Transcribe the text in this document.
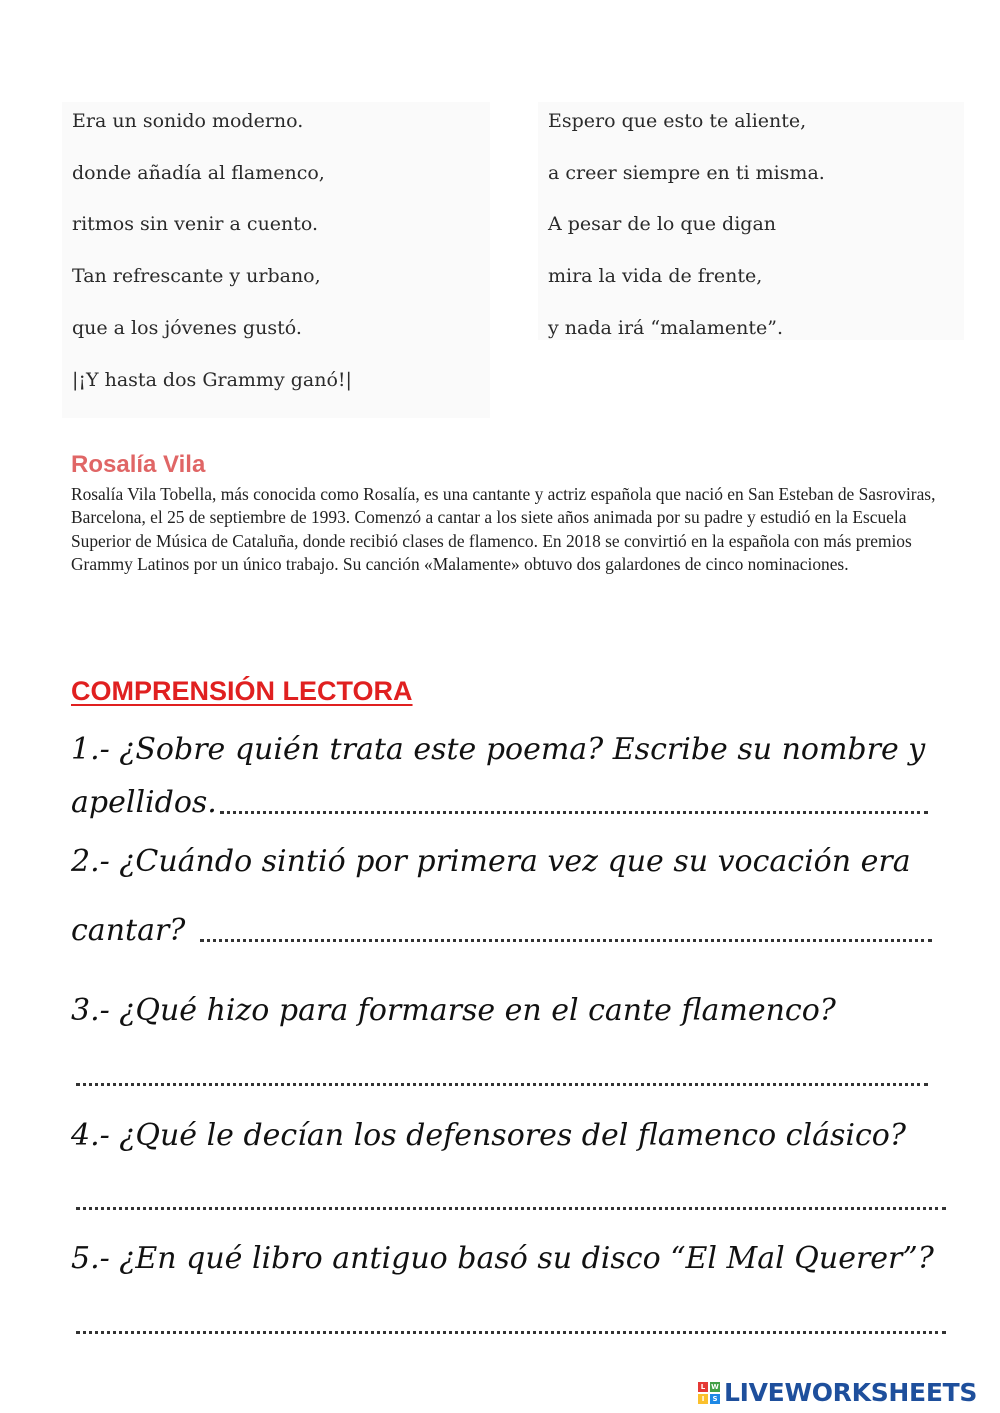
Era un sonido moderno.
donde añadía al flamenco,
ritmos sin venir a cuento.
Tan refrescante y urbano,
que a los jóvenes gustó.
|¡Y hasta dos Grammy ganó!|
Espero que esto te aliente,
a creer siempre en ti misma.
A pesar de lo que digan
mira la vida de frente,
y nada irá “malamente”.
Rosalía Vila
Rosalía Vila Tobella, más conocida como Rosalía, es una cantante y actriz española que nació en San Esteban de Sasroviras, Barcelona, el 25 de septiembre de 1993. Comenzó a cantar a los siete años animada por su padre y estudió en la Escuela Superior de Música de Cataluña, donde recibió clases de flamenco. En 2018 se convirtió en la española con más premios Grammy Latinos por un único trabajo. Su canción «Malamente» obtuvo dos galardones de cinco nominaciones.
COMPRENSIÓN LECTORA
1.- ¿Sobre quién trata este poema? Escribe su nombre y
apellidos.
2.- ¿Cuándo sintió por primera vez que su vocación era
cantar?
3.- ¿Qué hizo para formarse en el cante flamenco?
4.- ¿Qué le decían los defensores del flamenco clásico?
5.- ¿En qué libro antiguo basó su disco “El Mal Querer”?
L W
I	S LIVEWORKSHEETS
